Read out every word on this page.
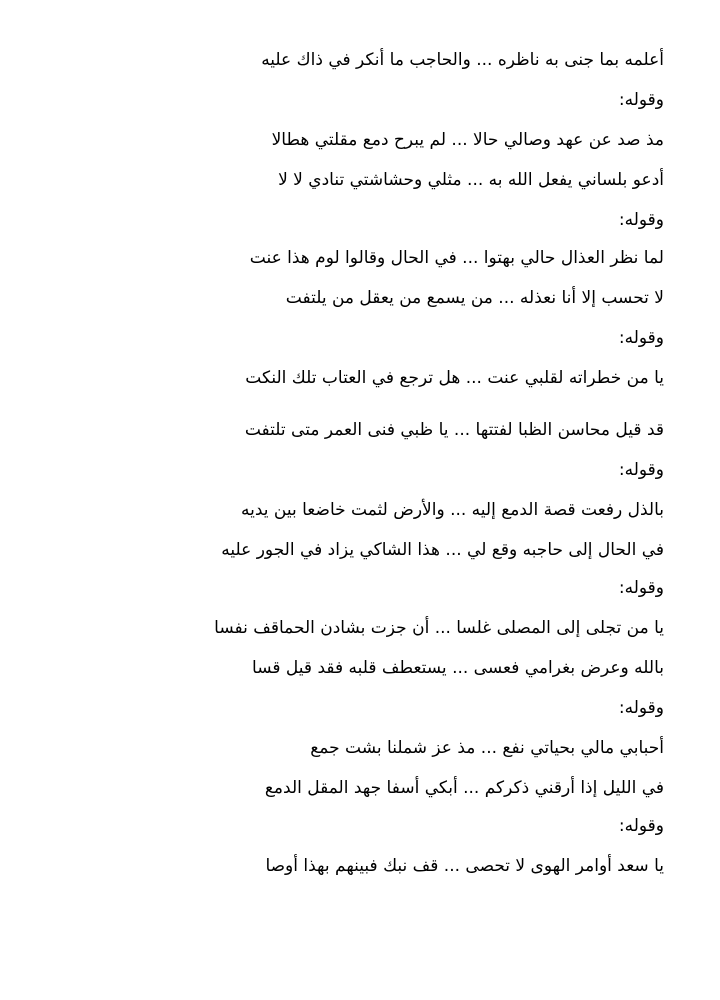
أعلمه بما جنى به ناظره ... والحاجب ما أنكر في ذاك عليه
وقوله:
مذ صد عن عهد وصالي حالا ... لم يبرح دمع مقلتي هطالا
أدعو بلساني يفعل الله به ... مثلي وحشاشتي تنادي لا لا
وقوله:
لما نظر العذال حالي بهتوا ... في الحال وقالوا لوم هذا عنت
لا تحسب إلا أنا نعذله ... من يسمع من يعقل من يلتفت
وقوله:
يا من خطراته لقلبي عنت ... هل ترجع في العتاب تلك النكت
قد قيل محاسن الظبا لفتتها ... يا ظبي فنى العمر متى تلتفت
وقوله:
بالذل رفعت قصة الدمع إليه ... والأرض لثمت خاضعا بين يديه
في الحال إلى حاجبه وقع لي ... هذا الشاكي يزاد في الجور عليه
وقوله:
يا من تجلى إلى المصلى غلسا ... أن جزت بشادن الحماقف نفسا
بالله وعرض بغرامي فعسى ... يستعطف قلبه فقد قيل قسا
وقوله:
أحبابي مالي بحياتي نفع ... مذ عز شملنا بشت جمع
في الليل إذا أرقني ذكركم ... أبكي أسفا جهد المقل الدمع
وقوله:
يا سعد أوامر الهوى لا تحصى ... قف نبك فبينهم بهذا أوصا
